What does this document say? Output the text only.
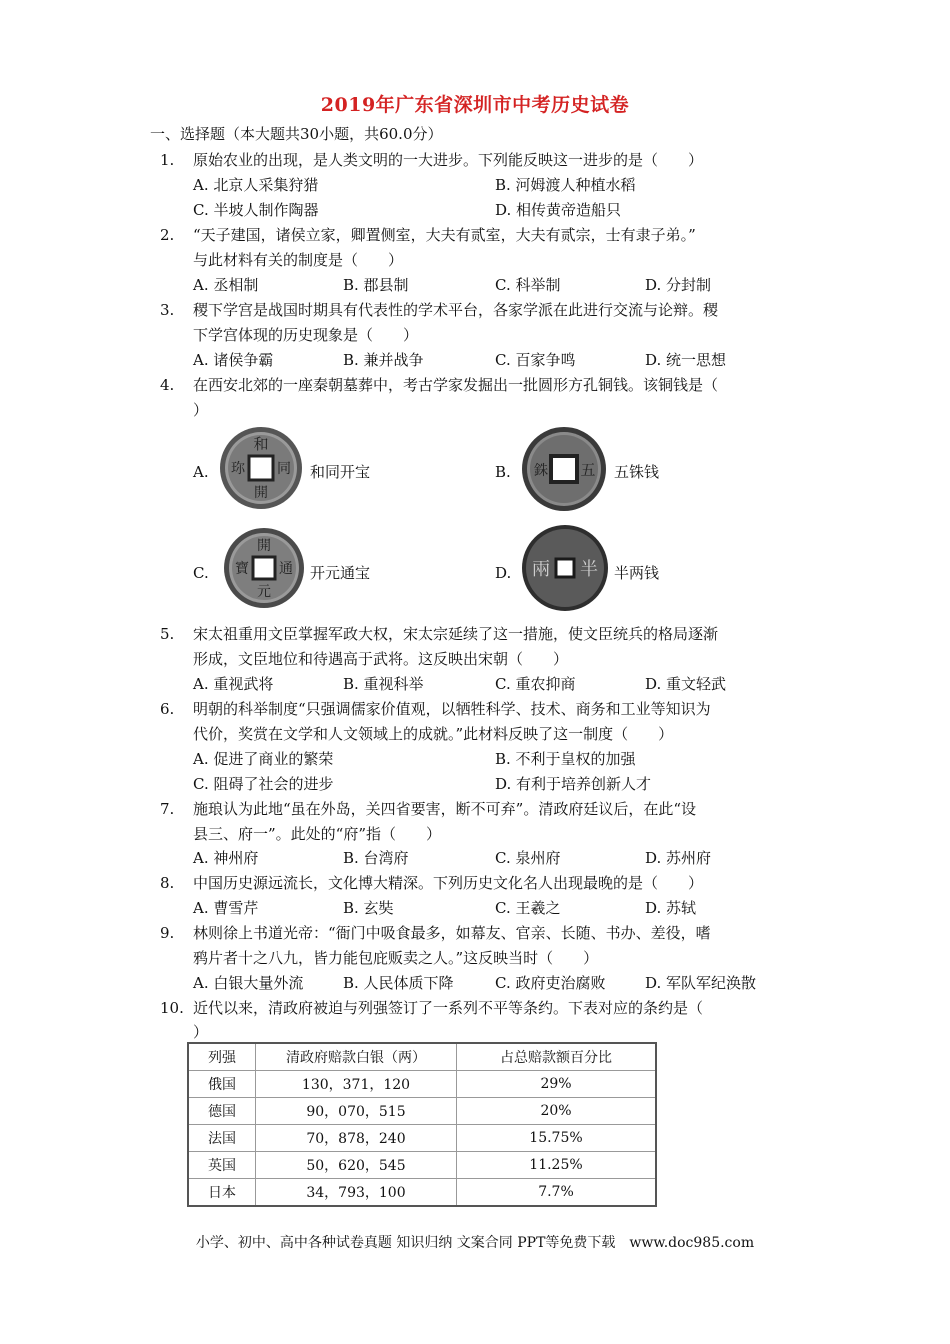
2019年广东省深圳市中考历史试卷
一、选择题（本大题共30小题，共60.0分）
1. 原始农业的出现，是人类文明的一大进步。下列能反映这一进步的是（　　）
A. 北京人采集狩猎	B. 河姆渡人种植水稻
C. 半坡人制作陶器	D. 相传黄帝造船只
2. “天子建国，诸侯立家，卿置侧室，大夫有贰室，大夫有贰宗，士有隶子弟。”
与此材料有关的制度是（　　）
A. 丞相制	B. 郡县制	C. 科举制	D. 分封制
3. 稷下学宫是战国时期具有代表性的学术平台，各家学派在此进行交流与论辩。稷
下学宫体现的历史现象是（　　）
A. 诸侯争霸	B. 兼并战争	C. 百家争鸣	D. 统一思想
4. 在西安北郊的一座秦朝墓葬中，考古学家发掘出一批圆形方孔铜钱。该铜钱是（
）
A.
和
同
開
珎	和同开宝	B. 銖 五 五铢钱
C.
開
通
元
寶	开元通宝	D. 兩 半 半两钱
5. 宋太祖重用文臣掌握军政大权，宋太宗延续了这一措施，使文臣统兵的格局逐渐
形成，文臣地位和待遇高于武将。这反映出宋朝（　　）
A. 重视武将	B. 重视科举	C. 重农抑商	D. 重文轻武
6. 明朝的科举制度“只强调儒家价值观，以牺牲科学、技术、商务和工业等知识为
代价，奖赏在文学和人文领域上的成就。”此材料反映了这一制度（　　）
A. 促进了商业的繁荣	B. 不利于皇权的加强
C. 阻碍了社会的进步	D. 有利于培养创新人才
7. 施琅认为此地“虽在外岛，关四省要害，断不可弃”。清政府廷议后，在此“设
县三、府一”。此处的“府”指（　　）
A. 神州府	B. 台湾府	C. 泉州府	D. 苏州府
8. 中国历史源远流长，文化博大精深。下列历史文化名人出现最晚的是（　　）
A. 曹雪芹	B. 玄奘	C. 王羲之	D. 苏轼
9. 林则徐上书道光帝：“衙门中吸食最多，如幕友、官亲、长随、书办、差役，嗜
鸦片者十之八九，皆力能包庇贩卖之人。”这反映当时（　　）
A. 白银大量外流	B. 人民体质下降	C. 政府吏治腐败	D. 军队军纪涣散
10. 近代以来，清政府被迫与列强签订了一系列不平等条约。下表对应的条约是（
）
列强	清政府赔款白银（两）	占总赔款额百分比
俄国	130，371，120	29%
德国	90，070，515	20%
法国	70，878，240	15.75%
英国	50，620，545	11.25%
日本	34，793，100	7.7%
小学、初中、高中各种试卷真题 知识归纳 文案合同 PPT等免费下载　www.doc985.com
